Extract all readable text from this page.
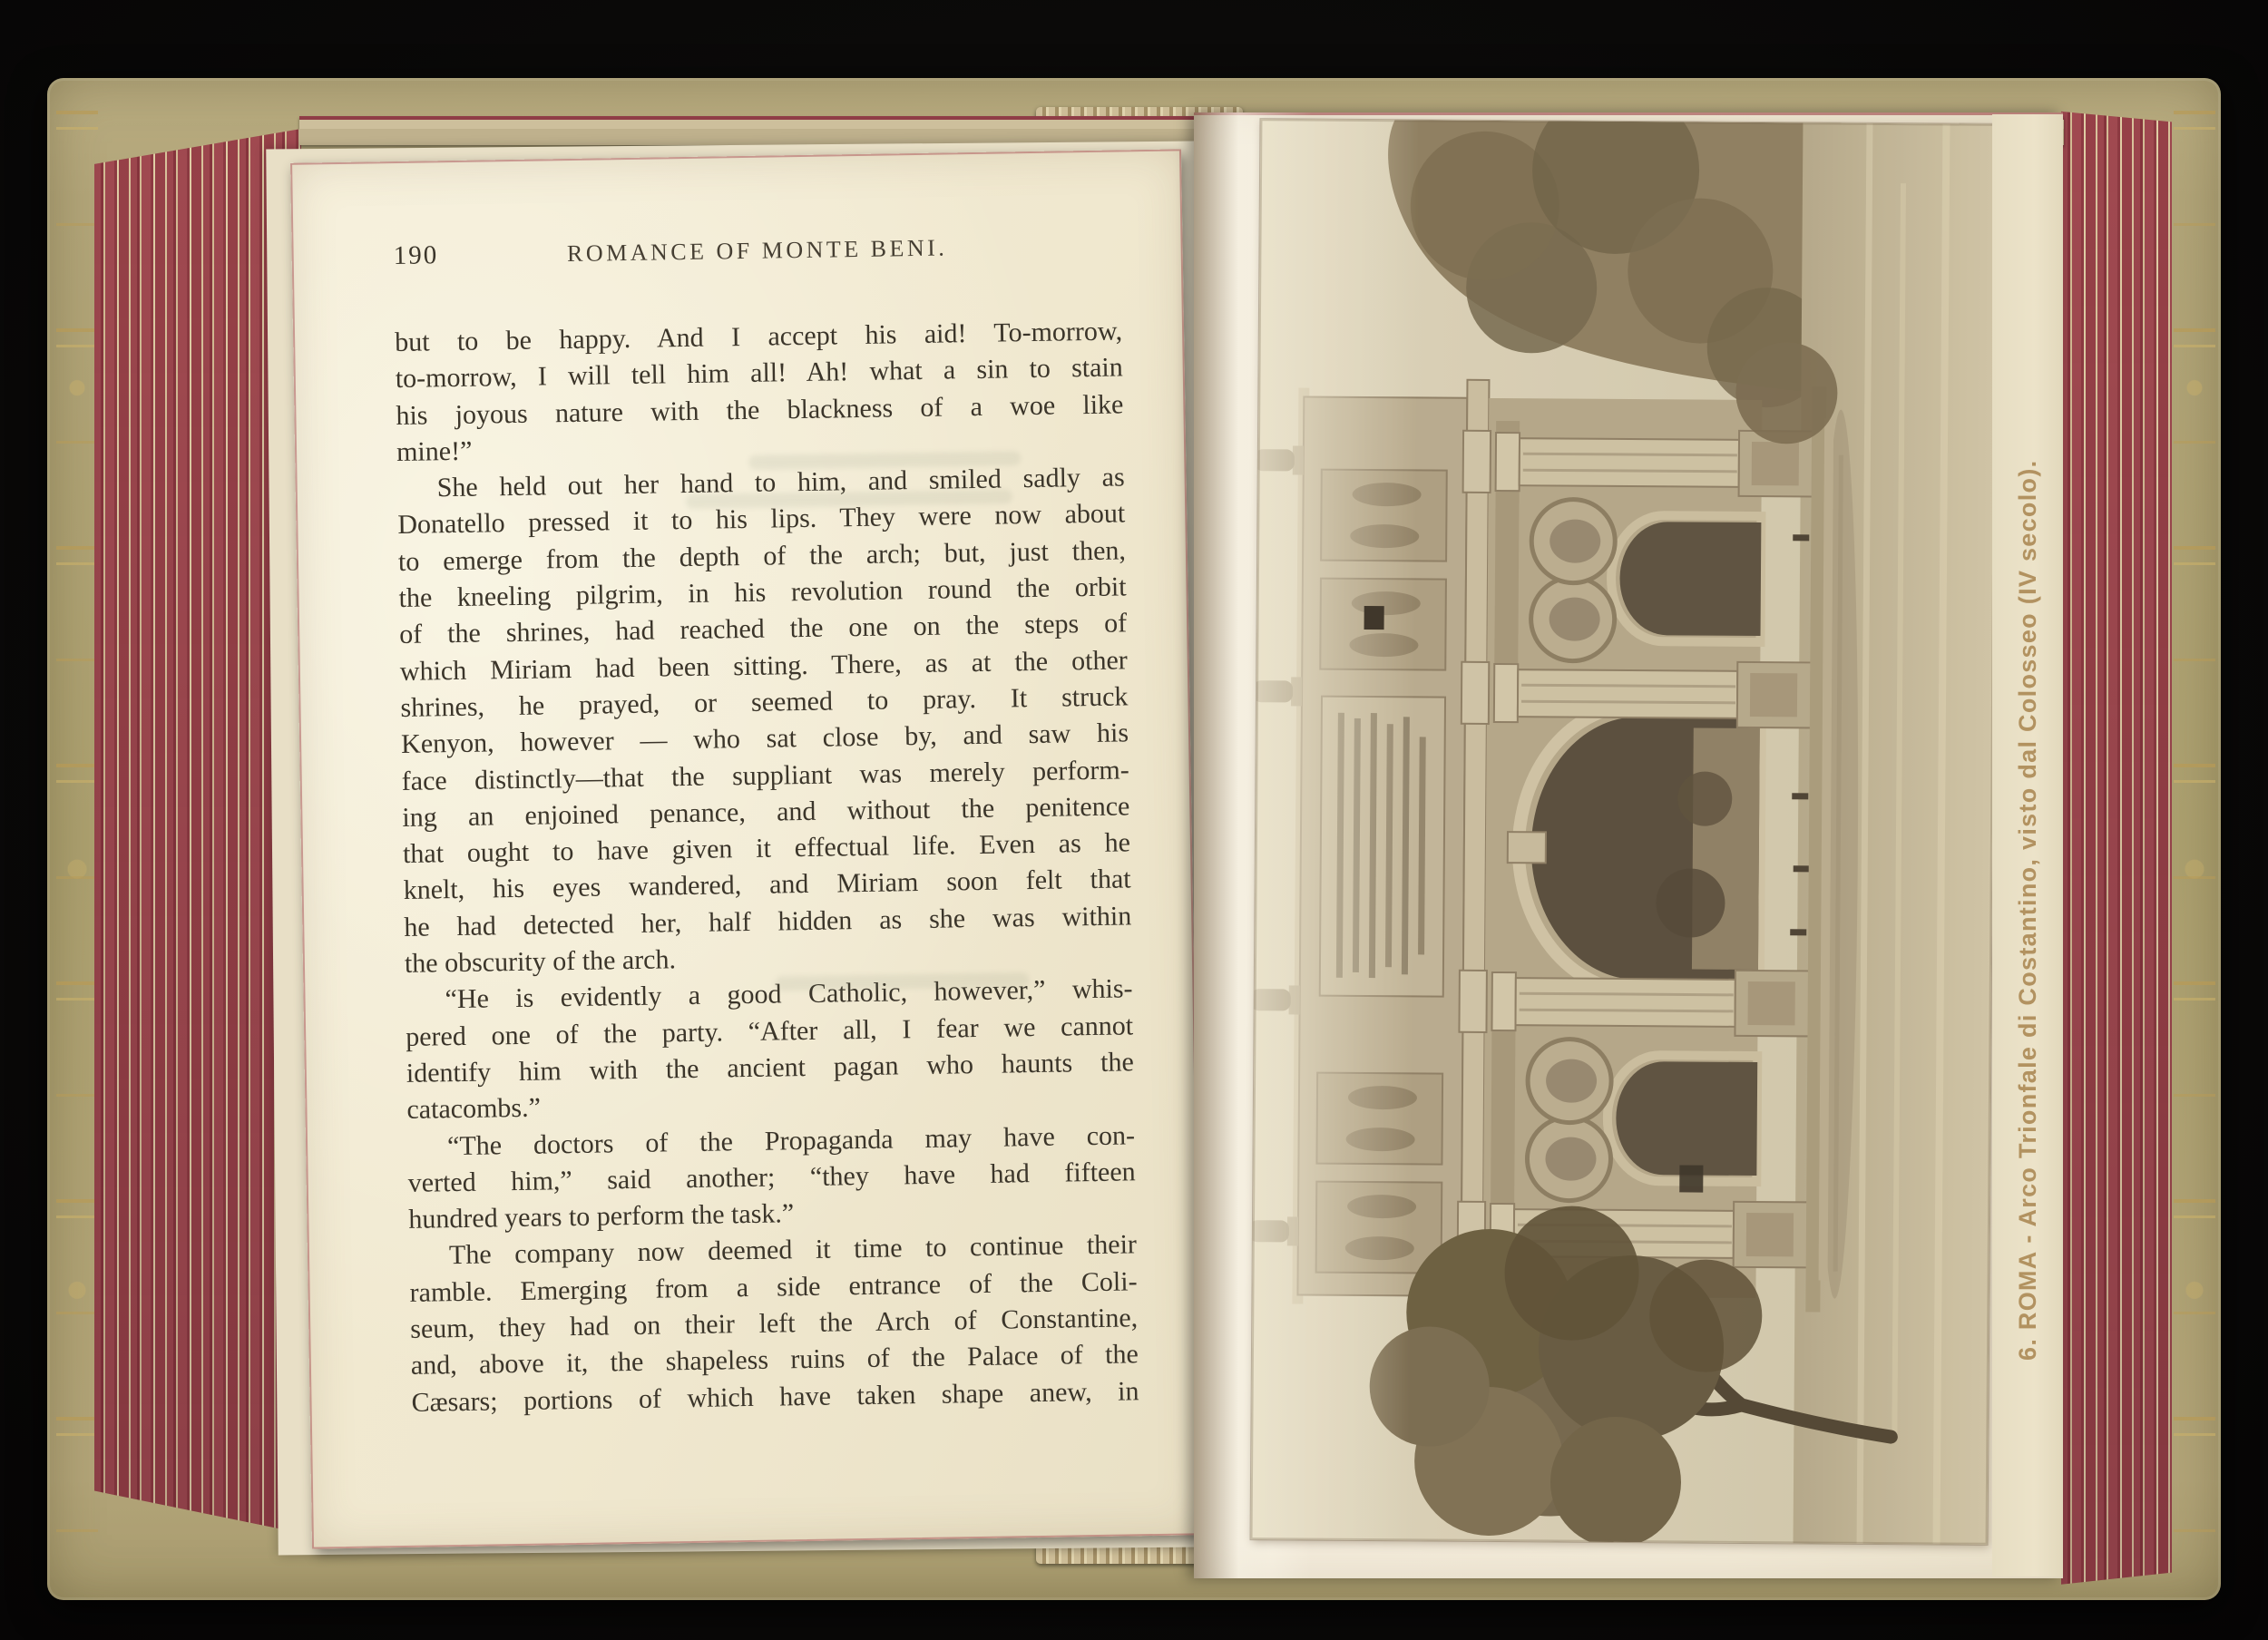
190	ROMANCE OF MONTE BENI.
but to be happy. And I accept his aid! To-morrow,
to-morrow, I will tell him all! Ah! what a sin to stain
his joyous nature with the blackness of a woe like
mine!”
She held out her hand to him, and smiled sadly as
Donatello pressed it to his lips. They were now about
to emerge from the depth of the arch; but, just then,
the kneeling pilgrim, in his revolution round the orbit
of the shrines, had reached the one on the steps of
which Miriam had been sitting. There, as at the other
shrines, he prayed, or seemed to pray. It struck
Kenyon, however — who sat close by, and saw his
face distinctly—that the suppliant was merely perform-
ing an enjoined penance, and without the penitence
that ought to have given it effectual life. Even as he
knelt, his eyes wandered, and Miriam soon felt that
he had detected her, half hidden as she was within
the obscurity of the arch.
“He is evidently a good Catholic, however,” whis-
pered one of the party. “After all, I fear we cannot
identify him with the ancient pagan who haunts the
catacombs.”
“The doctors of the Propaganda may have con-
verted him,” said another; “they have had fifteen
hundred years to perform the task.”
The company now deemed it time to continue their
ramble. Emerging from a side entrance of the Coli-
seum, they had on their left the Arch of Constantine,
and, above it, the shapeless ruins of the Palace of the
Cæsars; portions of which have taken shape anew, in
6. ROMA - Arco Trionfale di Costantino, visto dal Colosseo (IV secolo).
